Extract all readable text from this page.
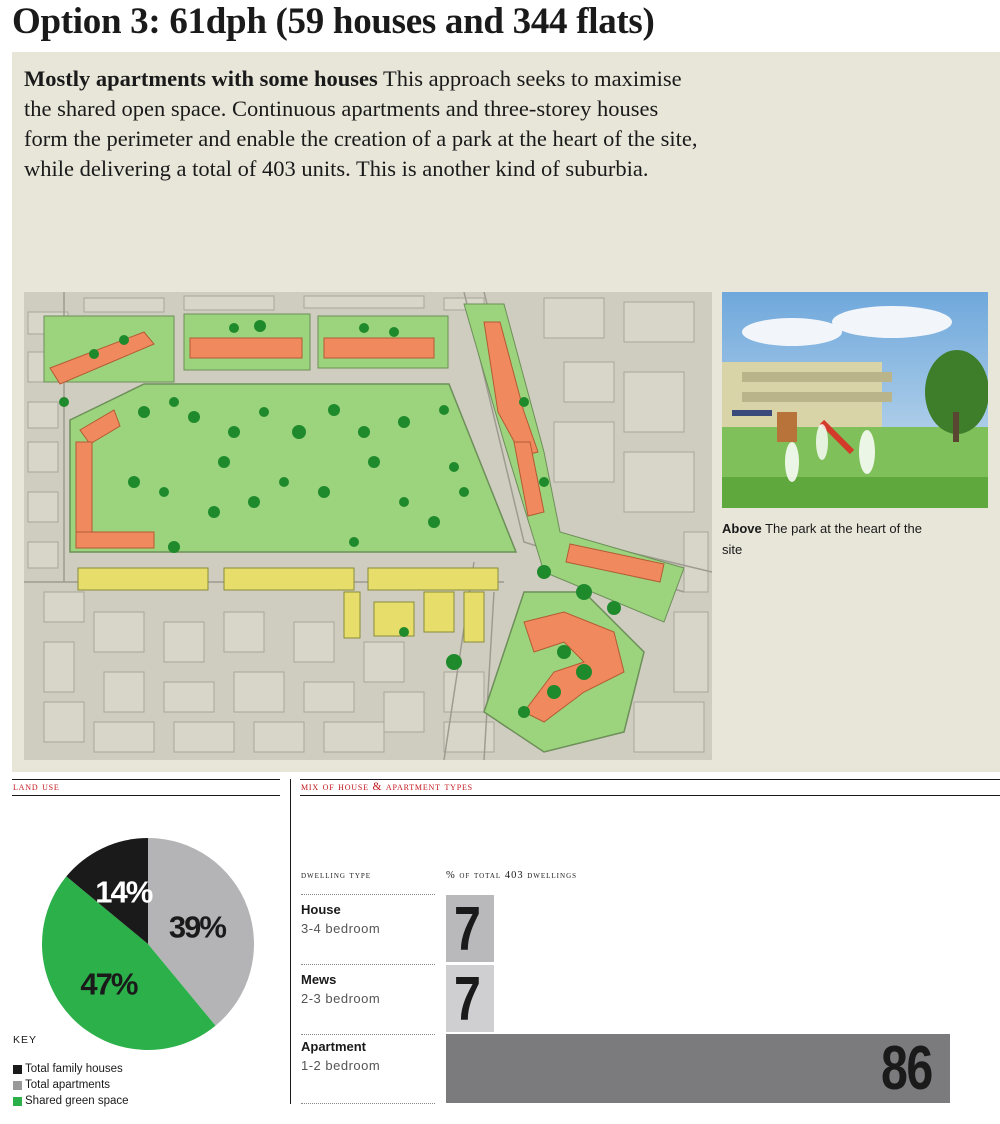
Option 3: 61dph (59 houses and 344 flats)

Mostly apartments with some houses This approach seeks to maximise the shared open space. Continuous apartments and three-storey houses form the perimeter and enable the creation of a park at the heart of the site, while delivering a total of 403 units. This is another kind of suburbia.

Above The park at the heart of the site

land use	mix of house & apartment types
39%
47%
14%
KEY
Total family houses
Total apartments
Shared green space
dwelling type	% of total 403 dwellings
House
3-4 bedroom
Mews
2-3 bedroom
Apartment
1-2 bedroom
7
7
86
